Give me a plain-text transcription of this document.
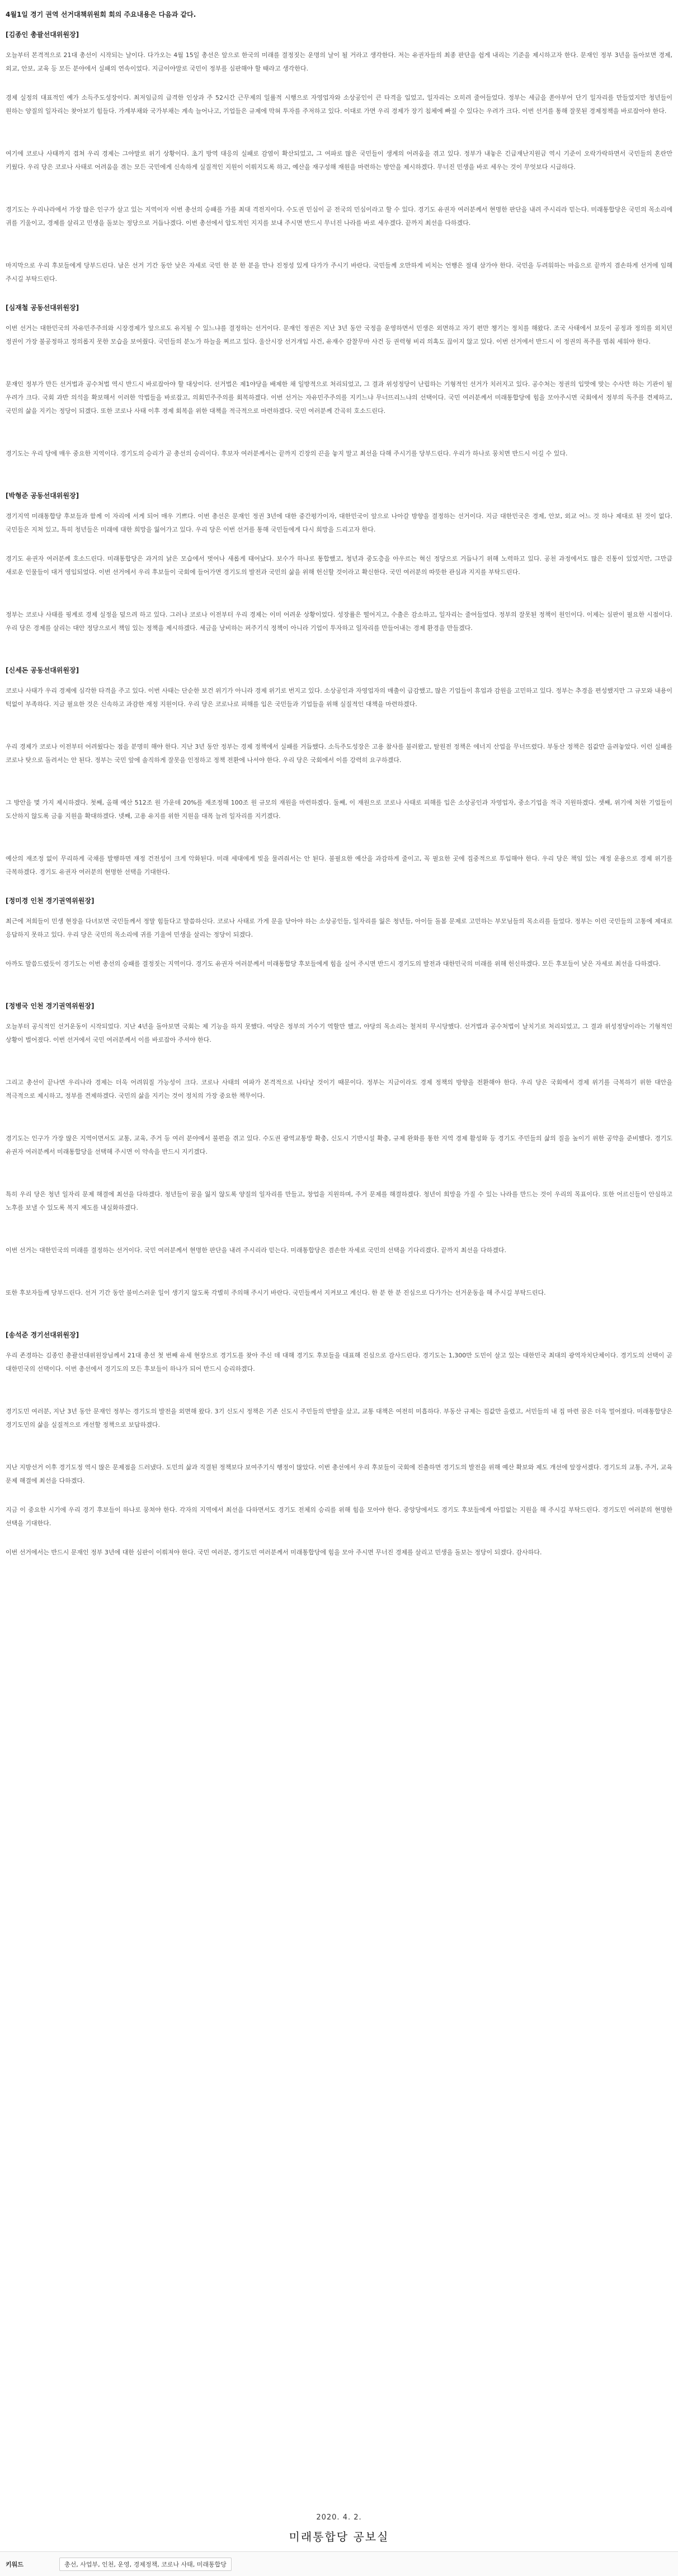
4월1일 경기 권역 선거대책위원회 회의 주요내용은 다음과 같다.

[김종인 총괄선대위원장]

오늘부터 본격적으로 21대 총선이 시작되는 날이다. 다가오는 4월 15일 총선은 앞으로 한국의 미래를 결정짓는 운명의 날이 될 거라고 생각한다. 저는 유권자들의 최종 판단을 쉽게 내리는 기준을 제시하고자 한다. 문재인 정부 3년을 돌아보면 경제, 외교, 안보, 교육 등 모든 분야에서 실패의 연속이었다. 지금이야말로 국민이 정부를 심판해야 할 때라고 생각한다.

경제 실정의 대표적인 예가 소득주도성장이다. 최저임금의 급격한 인상과 주 52시간 근무제의 일률적 시행으로 자영업자와 소상공인이 큰 타격을 입었고, 일자리는 오히려 줄어들었다. 정부는 세금을 쏟아부어 단기 일자리를 만들었지만 청년들이 원하는 양질의 일자리는 찾아보기 힘들다. 가계부채와 국가부채는 계속 늘어나고, 기업들은 규제에 막혀 투자를 주저하고 있다. 이대로 가면 우리 경제가 장기 침체에 빠질 수 있다는 우려가 크다. 이번 선거를 통해 잘못된 경제정책을 바로잡아야 한다.

여기에 코로나 사태까지 겹쳐 우리 경제는 그야말로 위기 상황이다. 초기 방역 대응의 실패로 감염이 확산되었고, 그 여파로 많은 국민들이 생계의 어려움을 겪고 있다. 정부가 내놓은 긴급재난지원금 역시 기준이 오락가락하면서 국민들의 혼란만 키웠다. 우리 당은 코로나 사태로 어려움을 겪는 모든 국민에게 신속하게 실질적인 지원이 이뤄지도록 하고, 예산을 재구성해 재원을 마련하는 방안을 제시하겠다. 무너진 민생을 바로 세우는 것이 무엇보다 시급하다.

경기도는 우리나라에서 가장 많은 인구가 살고 있는 지역이자 이번 총선의 승패를 가를 최대 격전지이다. 수도권 민심이 곧 전국의 민심이라고 할 수 있다. 경기도 유권자 여러분께서 현명한 판단을 내려 주시리라 믿는다. 미래통합당은 국민의 목소리에 귀를 기울이고, 경제를 살리고 민생을 돌보는 정당으로 거듭나겠다. 이번 총선에서 압도적인 지지를 보내 주시면 반드시 무너진 나라를 바로 세우겠다. 끝까지 최선을 다하겠다.

마지막으로 우리 후보들에게 당부드린다. 남은 선거 기간 동안 낮은 자세로 국민 한 분 한 분을 만나 진정성 있게 다가가 주시기 바란다. 국민들께 오만하게 비치는 언행은 절대 삼가야 한다. 국민을 두려워하는 마음으로 끝까지 겸손하게 선거에 임해 주시길 부탁드린다.

[심재철 공동선대위원장]

이번 선거는 대한민국의 자유민주주의와 시장경제가 앞으로도 유지될 수 있느냐를 결정하는 선거이다. 문재인 정권은 지난 3년 동안 국정을 운영하면서 민생은 외면하고 자기 편만 챙기는 정치를 해왔다. 조국 사태에서 보듯이 공정과 정의를 외치던 정권이 가장 불공정하고 정의롭지 못한 모습을 보여줬다. 국민들의 분노가 하늘을 찌르고 있다. 울산시장 선거개입 사건, 유재수 감찰무마 사건 등 권력형 비리 의혹도 끊이지 않고 있다. 이번 선거에서 반드시 이 정권의 폭주를 멈춰 세워야 한다.

문재인 정부가 만든 선거법과 공수처법 역시 반드시 바로잡아야 할 대상이다. 선거법은 제1야당을 배제한 채 일방적으로 처리되었고, 그 결과 위성정당이 난립하는 기형적인 선거가 치러지고 있다. 공수처는 정권의 입맛에 맞는 수사만 하는 기관이 될 우려가 크다. 국회 과반 의석을 확보해서 이러한 악법들을 바로잡고, 의회민주주의를 회복하겠다. 이번 선거는 자유민주주의를 지키느냐 무너뜨리느냐의 선택이다. 국민 여러분께서 미래통합당에 힘을 모아주시면 국회에서 정부의 독주를 견제하고, 국민의 삶을 지키는 정당이 되겠다. 또한 코로나 사태 이후 경제 회복을 위한 대책을 적극적으로 마련하겠다. 국민 여러분께 간곡히 호소드린다.

경기도는 우리 당에 매우 중요한 지역이다. 경기도의 승리가 곧 총선의 승리이다. 후보자 여러분께서는 끝까지 긴장의 끈을 놓지 말고 최선을 다해 주시기를 당부드린다. 우리가 하나로 뭉치면 반드시 이길 수 있다.

[박형준 공동선대위원장]

경기지역 미래통합당 후보들과 함께 이 자리에 서게 되어 매우 기쁘다. 이번 총선은 문재인 정권 3년에 대한 중간평가이자, 대한민국이 앞으로 나아갈 방향을 결정하는 선거이다. 지금 대한민국은 경제, 안보, 외교 어느 것 하나 제대로 된 것이 없다. 국민들은 지쳐 있고, 특히 청년들은 미래에 대한 희망을 잃어가고 있다. 우리 당은 이번 선거를 통해 국민들에게 다시 희망을 드리고자 한다.

경기도 유권자 여러분께 호소드린다. 미래통합당은 과거의 낡은 모습에서 벗어나 새롭게 태어났다. 보수가 하나로 통합했고, 청년과 중도층을 아우르는 혁신 정당으로 거듭나기 위해 노력하고 있다. 공천 과정에서도 많은 진통이 있었지만, 그만큼 새로운 인물들이 대거 영입되었다. 이번 선거에서 우리 후보들이 국회에 들어가면 경기도의 발전과 국민의 삶을 위해 헌신할 것이라고 확신한다. 국민 여러분의 따뜻한 관심과 지지를 부탁드린다.

정부는 코로나 사태를 핑계로 경제 실정을 덮으려 하고 있다. 그러나 코로나 이전부터 우리 경제는 이미 어려운 상황이었다. 성장률은 떨어지고, 수출은 감소하고, 일자리는 줄어들었다. 정부의 잘못된 정책이 원인이다. 이제는 심판이 필요한 시점이다. 우리 당은 경제를 살리는 대안 정당으로서 책임 있는 정책을 제시하겠다. 세금을 낭비하는 퍼주기식 정책이 아니라 기업이 투자하고 일자리를 만들어내는 경제 환경을 만들겠다.

[신세돈 공동선대위원장]

코로나 사태가 우리 경제에 심각한 타격을 주고 있다. 이번 사태는 단순한 보건 위기가 아니라 경제 위기로 번지고 있다. 소상공인과 자영업자의 매출이 급감했고, 많은 기업들이 휴업과 감원을 고민하고 있다. 정부는 추경을 편성했지만 그 규모와 내용이 턱없이 부족하다. 지금 필요한 것은 신속하고 과감한 재정 지원이다. 우리 당은 코로나로 피해를 입은 국민들과 기업들을 위해 실질적인 대책을 마련하겠다.

우리 경제가 코로나 이전부터 어려웠다는 점을 분명히 해야 한다. 지난 3년 동안 정부는 경제 정책에서 실패를 거듭했다. 소득주도성장은 고용 참사를 불러왔고, 탈원전 정책은 에너지 산업을 무너뜨렸다. 부동산 정책은 집값만 올려놓았다. 이런 실패를 코로나 탓으로 돌려서는 안 된다. 정부는 국민 앞에 솔직하게 잘못을 인정하고 정책 전환에 나서야 한다. 우리 당은 국회에서 이를 강력히 요구하겠다.

그 방안을 몇 가지 제시하겠다. 첫째, 올해 예산 512조 원 가운데 20%를 재조정해 100조 원 규모의 재원을 마련하겠다. 둘째, 이 재원으로 코로나 사태로 피해를 입은 소상공인과 자영업자, 중소기업을 적극 지원하겠다. 셋째, 위기에 처한 기업들이 도산하지 않도록 금융 지원을 확대하겠다. 넷째, 고용 유지를 위한 지원을 대폭 늘려 일자리를 지키겠다.

예산의 재조정 없이 무리하게 국채를 발행하면 재정 건전성이 크게 악화된다. 미래 세대에게 빚을 물려줘서는 안 된다. 불필요한 예산을 과감하게 줄이고, 꼭 필요한 곳에 집중적으로 투입해야 한다. 우리 당은 책임 있는 재정 운용으로 경제 위기를 극복하겠다. 경기도 유권자 여러분의 현명한 선택을 기대한다.

[정미경 인천 경기권역위원장]

최근에 저희들이 민생 현장을 다녀보면 국민들께서 정말 힘들다고 말씀하신다. 코로나 사태로 가게 문을 닫아야 하는 소상공인들, 일자리를 잃은 청년들, 아이들 돌봄 문제로 고민하는 부모님들의 목소리를 들었다. 정부는 이런 국민들의 고통에 제대로 응답하지 못하고 있다. 우리 당은 국민의 목소리에 귀를 기울여 민생을 살리는 정당이 되겠다.

아까도 말씀드렸듯이 경기도는 이번 총선의 승패를 결정짓는 지역이다. 경기도 유권자 여러분께서 미래통합당 후보들에게 힘을 실어 주시면 반드시 경기도의 발전과 대한민국의 미래를 위해 헌신하겠다. 모든 후보들이 낮은 자세로 최선을 다하겠다.

[정병국 인천 경기권역위원장]

오늘부터 공식적인 선거운동이 시작되었다. 지난 4년을 돌아보면 국회는 제 기능을 하지 못했다. 여당은 정부의 거수기 역할만 했고, 야당의 목소리는 철저히 무시당했다. 선거법과 공수처법이 날치기로 처리되었고, 그 결과 위성정당이라는 기형적인 상황이 벌어졌다. 이번 선거에서 국민 여러분께서 이를 바로잡아 주셔야 한다.

그리고 총선이 끝나면 우리나라 경제는 더욱 어려워질 가능성이 크다. 코로나 사태의 여파가 본격적으로 나타날 것이기 때문이다. 정부는 지금이라도 경제 정책의 방향을 전환해야 한다. 우리 당은 국회에서 경제 위기를 극복하기 위한 대안을 적극적으로 제시하고, 정부를 견제하겠다. 국민의 삶을 지키는 것이 정치의 가장 중요한 책무이다.

경기도는 인구가 가장 많은 지역이면서도 교통, 교육, 주거 등 여러 분야에서 불편을 겪고 있다. 수도권 광역교통망 확충, 신도시 기반시설 확충, 규제 완화를 통한 지역 경제 활성화 등 경기도 주민들의 삶의 질을 높이기 위한 공약을 준비했다. 경기도 유권자 여러분께서 미래통합당을 선택해 주시면 이 약속을 반드시 지키겠다.

특히 우리 당은 청년 일자리 문제 해결에 최선을 다하겠다. 청년들이 꿈을 잃지 않도록 양질의 일자리를 만들고, 창업을 지원하며, 주거 문제를 해결하겠다. 청년이 희망을 가질 수 있는 나라를 만드는 것이 우리의 목표이다. 또한 어르신들이 안심하고 노후를 보낼 수 있도록 복지 제도를 내실화하겠다.

이번 선거는 대한민국의 미래를 결정하는 선거이다. 국민 여러분께서 현명한 판단을 내려 주시리라 믿는다. 미래통합당은 겸손한 자세로 국민의 선택을 기다리겠다. 끝까지 최선을 다하겠다.

또한 후보자들께 당부드린다. 선거 기간 동안 불미스러운 일이 생기지 않도록 각별히 주의해 주시기 바란다. 국민들께서 지켜보고 계신다. 한 분 한 분 진심으로 다가가는 선거운동을 해 주시길 부탁드린다.

[송석준 경기선대위원장]

우리 존경하는 김종인 총괄선대위원장님께서 21대 총선 첫 번째 유세 현장으로 경기도를 찾아 주신 데 대해 경기도 후보들을 대표해 진심으로 감사드린다. 경기도는 1,300만 도민이 살고 있는 대한민국 최대의 광역자치단체이다. 경기도의 선택이 곧 대한민국의 선택이다. 이번 총선에서 경기도의 모든 후보들이 하나가 되어 반드시 승리하겠다.

경기도민 여러분, 지난 3년 동안 문재인 정부는 경기도의 발전을 외면해 왔다. 3기 신도시 정책은 기존 신도시 주민들의 반발을 샀고, 교통 대책은 여전히 미흡하다. 부동산 규제는 집값만 올렸고, 서민들의 내 집 마련 꿈은 더욱 멀어졌다. 미래통합당은 경기도민의 삶을 실질적으로 개선할 정책으로 보답하겠다.

지난 지방선거 이후 경기도정 역시 많은 문제점을 드러냈다. 도민의 삶과 직결된 정책보다 보여주기식 행정이 많았다. 이번 총선에서 우리 후보들이 국회에 진출하면 경기도의 발전을 위해 예산 확보와 제도 개선에 앞장서겠다. 경기도의 교통, 주거, 교육 문제 해결에 최선을 다하겠다.

지금 이 중요한 시기에 우리 경기 후보들이 하나로 뭉쳐야 한다. 각자의 지역에서 최선을 다하면서도 경기도 전체의 승리를 위해 힘을 모아야 한다. 중앙당에서도 경기도 후보들에게 아낌없는 지원을 해 주시길 부탁드린다. 경기도민 여러분의 현명한 선택을 기대한다.

이번 선거에서는 반드시 문재인 정부 3년에 대한 심판이 이뤄져야 한다. 국민 여러분, 경기도민 여러분께서 미래통합당에 힘을 모아 주시면 무너진 경제를 살리고 민생을 돌보는 정당이 되겠다. 감사하다.

2020. 4. 2.
미래통합당 공보실
키워드	총선, 사업부, 인천, 운영, 경제정책, 코로나 사태, 미래통합당
